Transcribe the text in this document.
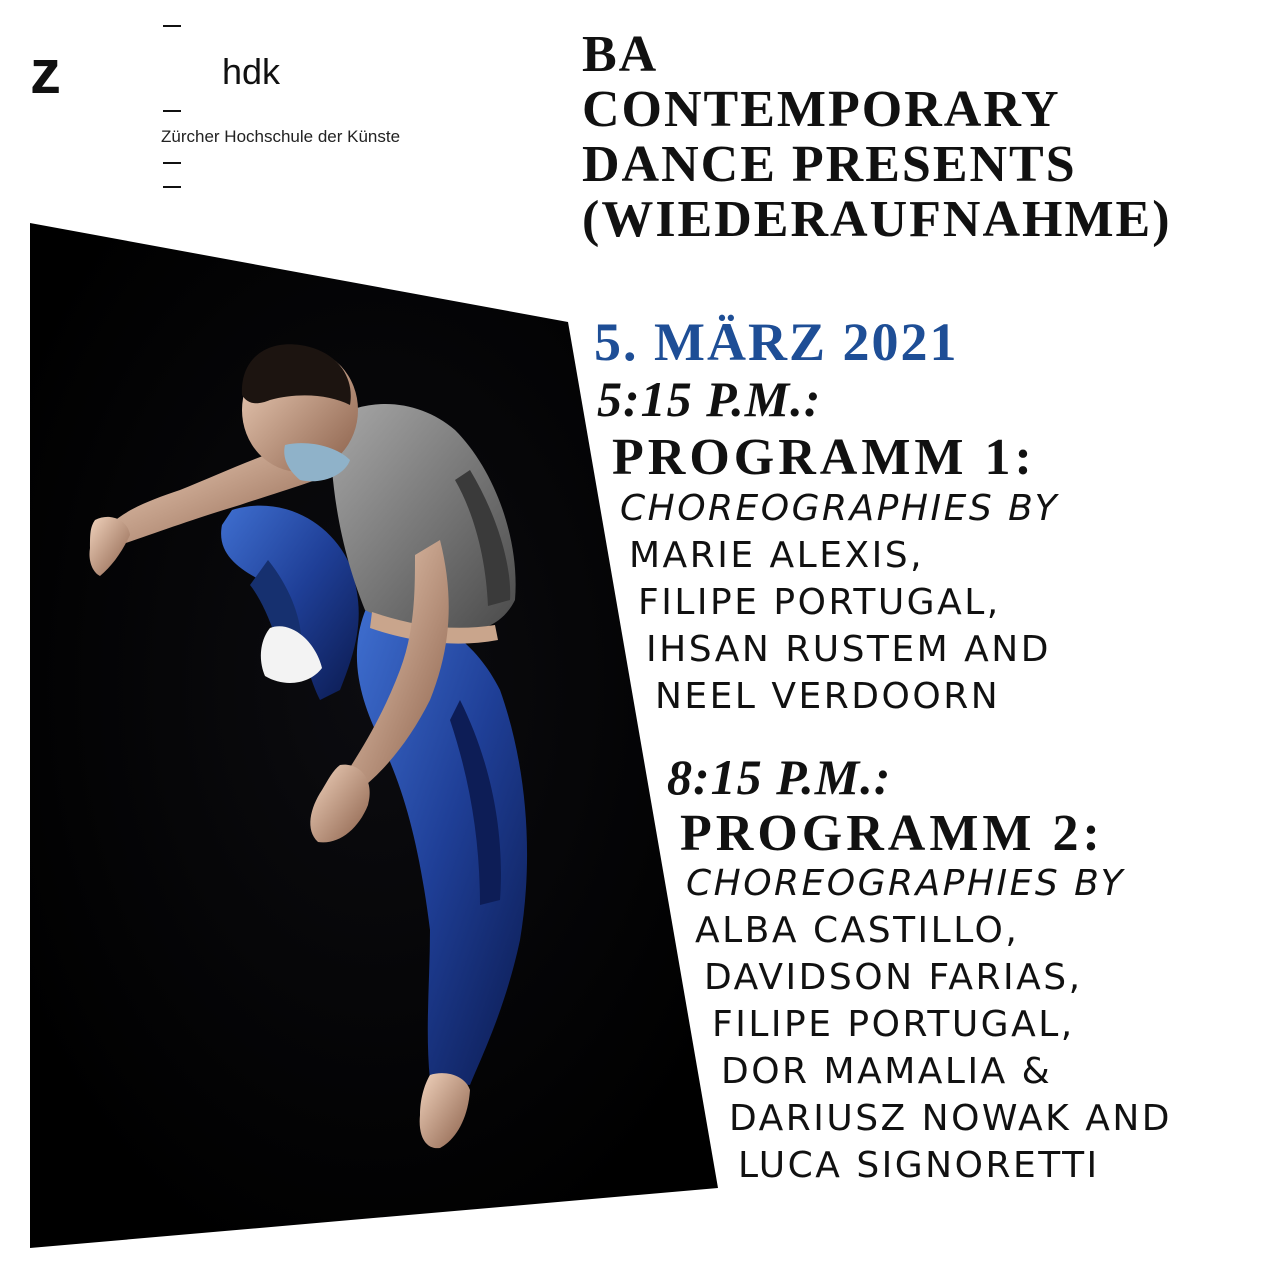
z	hdk
Zürcher Hochschule der Künste
BA
CONTEMPORARY
DANCE PRESENTS
(WIEDERAUFNAHME)
5. MÄRZ 2021
5:15 P.M.:
PROGRAMM 1:
CHOREOGRAPHIES BY
MARIE ALEXIS,
FILIPE PORTUGAL,
IHSAN RUSTEM AND
NEEL VERDOORN
8:15 P.M.:
PROGRAMM 2:
CHOREOGRAPHIES BY
ALBA CASTILLO,
DAVIDSON FARIAS,
FILIPE PORTUGAL,
DOR MAMALIA &
DARIUSZ NOWAK AND
LUCA SIGNORETTI
